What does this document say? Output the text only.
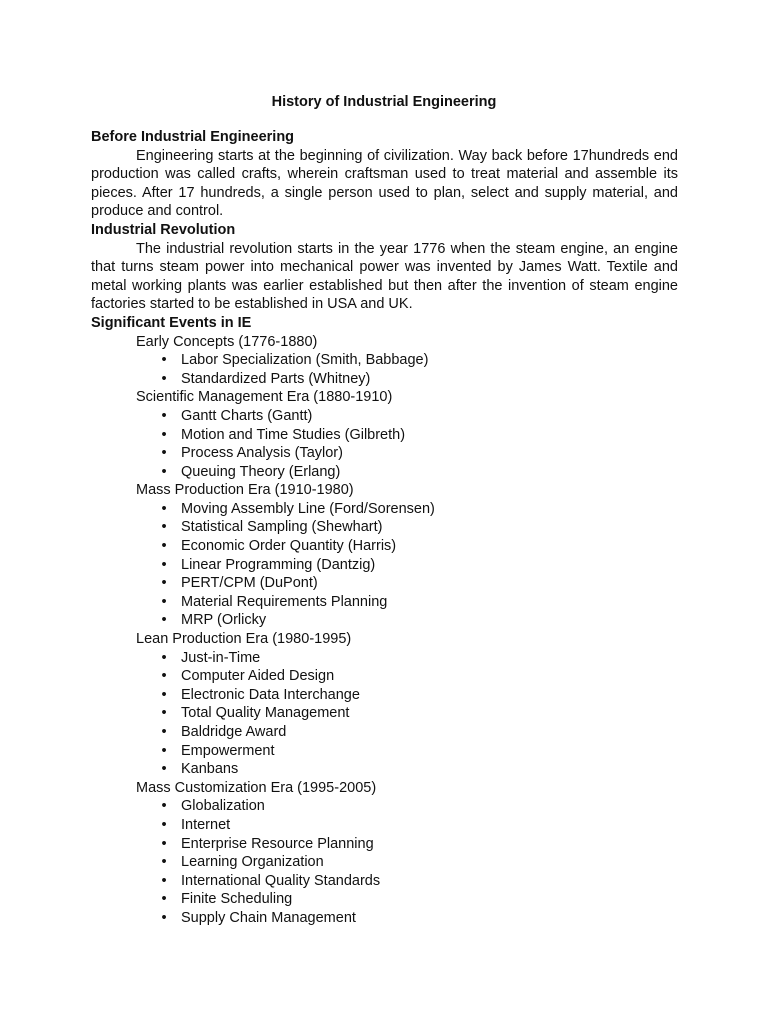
History of Industrial Engineering

Before Industrial Engineering

Engineering starts at the beginning of civilization. Way back before 17hundreds end production was called crafts, wherein craftsman used to treat material and assemble its pieces. After 17 hundreds, a single person used to plan, select and supply material, and produce and control.

Industrial Revolution

The industrial revolution starts in the year 1776 when the steam engine, an engine that turns steam power into mechanical power was invented by James Watt. Textile and metal working plants was earlier established but then after the invention of steam engine factories started to be established in USA and UK.

Significant Events in IE

Early Concepts (1776-1880)

• Labor Specialization (Smith, Babbage)
• Standardized Parts (Whitney)

Scientific Management Era (1880-1910)

• Gantt Charts (Gantt)
• Motion and Time Studies (Gilbreth)
• Process Analysis (Taylor)
• Queuing Theory (Erlang)

Mass Production Era (1910-1980)

• Moving Assembly Line (Ford/Sorensen)
• Statistical Sampling (Shewhart)
• Economic Order Quantity (Harris)
• Linear Programming (Dantzig)
• PERT/CPM (DuPont)
• Material Requirements Planning
• MRP (Orlicky

Lean Production Era (1980-1995)

• Just-in-Time
• Computer Aided Design
• Electronic Data Interchange
• Total Quality Management
• Baldridge Award
• Empowerment
• Kanbans

Mass Customization Era (1995-2005)

• Globalization
• Internet
• Enterprise Resource Planning
• Learning Organization
• International Quality Standards
• Finite Scheduling
• Supply Chain Management
